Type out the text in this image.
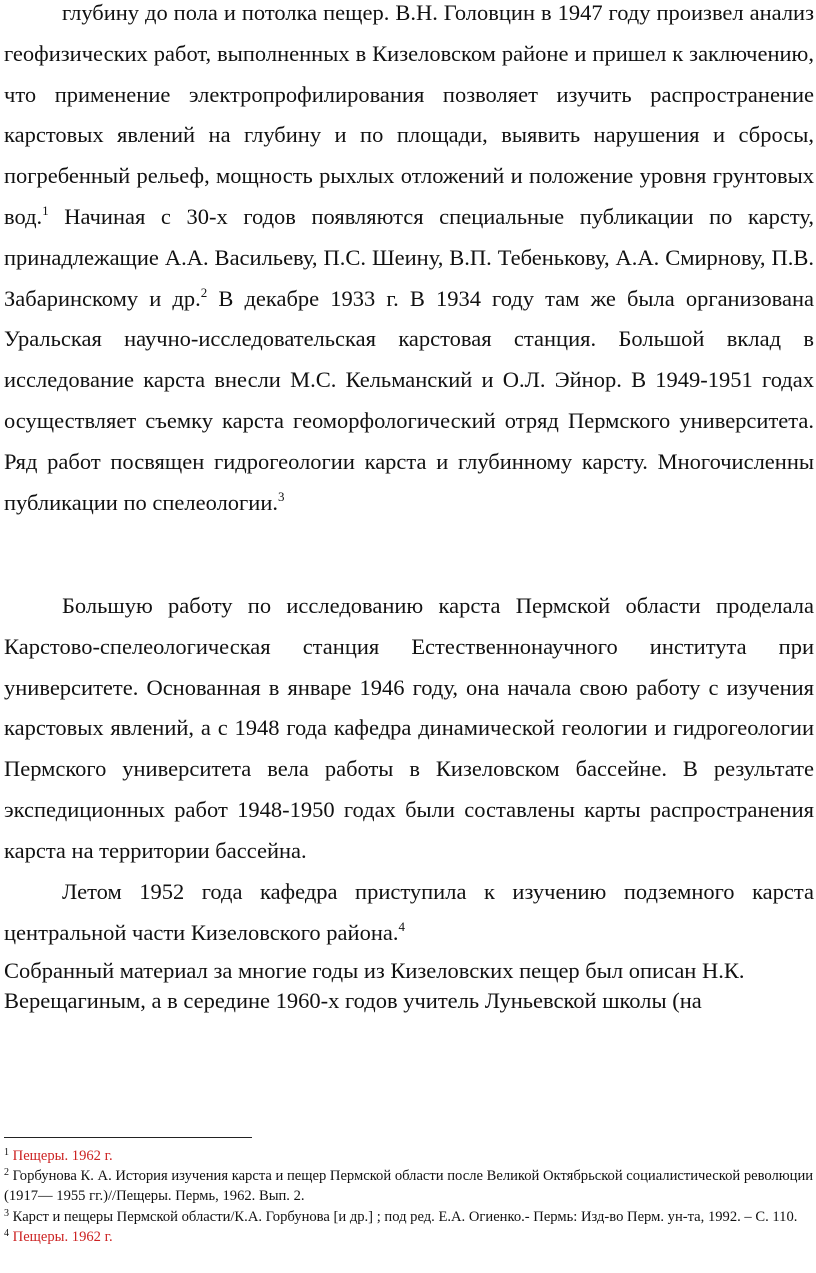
глубину до пола и потолка пещер. В.Н. Головцин в 1947 году произвел анализ геофизических работ, выполненных в Кизеловском районе и пришел к заключению, что применение электропрофилирования позволяет изучить распространение карстовых явлений на глубину и по площади, выявить нарушения и сбросы, погребенный рельеф, мощность рыхлых отложений и положение уровня грунтовых вод.$^1$ Начиная с 30-х годов появляются специальные публикации по карсту, принадлежащие А.А. Васильеву, П.С. Шеину, В.П. Тебенькову, А.А. Смирнову, П.В. Забаринскому и др.$^2$ В декабре 1933 г. В 1934 году там же была организована Уральская научно-исследовательская карстовая станция. Большой вклад в исследование карста внесли М.С. Кельманский и О.Л. Эйнор. В 1949-1951 годах осуществляет съемку карста геоморфологический отряд Пермского университета. Ряд работ посвящен гидрогеологии карста и глубинному карсту. Многочисленны публикации по спелеологии.$^3$

Большую работу по исследованию карста Пермской области проделала Карстово-спелеологическая станция Естественнонаучного института при университете. Основанная в январе 1946 году, она начала свою работу с изучения карстовых явлений, а с 1948 года кафедра динамической геологии и гидрогеологии Пермского университета вела работы в Кизеловском бассейне. В результате экспедиционных работ 1948-1950 годах были составлены карты распространения карста на территории бассейна.

Летом 1952 года кафедра приступила к изучению подземного карста центральной части Кизеловского района.$^4$

Собранный материал за многие годы из Кизеловских пещер был описан Н.К. Верещагиным, а в середине 1960-х годов учитель Луньевской школы (на

$^1$ Пещеры. 1962 г.

$^2$ Горбунова К. А. История изучения карста и пещер Пермской области после Великой Октябрьской социалистической революции (1917— 1955 гг.)//Пещеры. Пермь, 1962. Вып. 2.

$^3$ Карст и пещеры Пермской области/К.А. Горбунова [и др.] ; под ред. Е.А. Огиенко.- Пермь: Изд-во Перм. ун-та, 1992. – С. 110.

$^4$ Пещеры. 1962 г.
